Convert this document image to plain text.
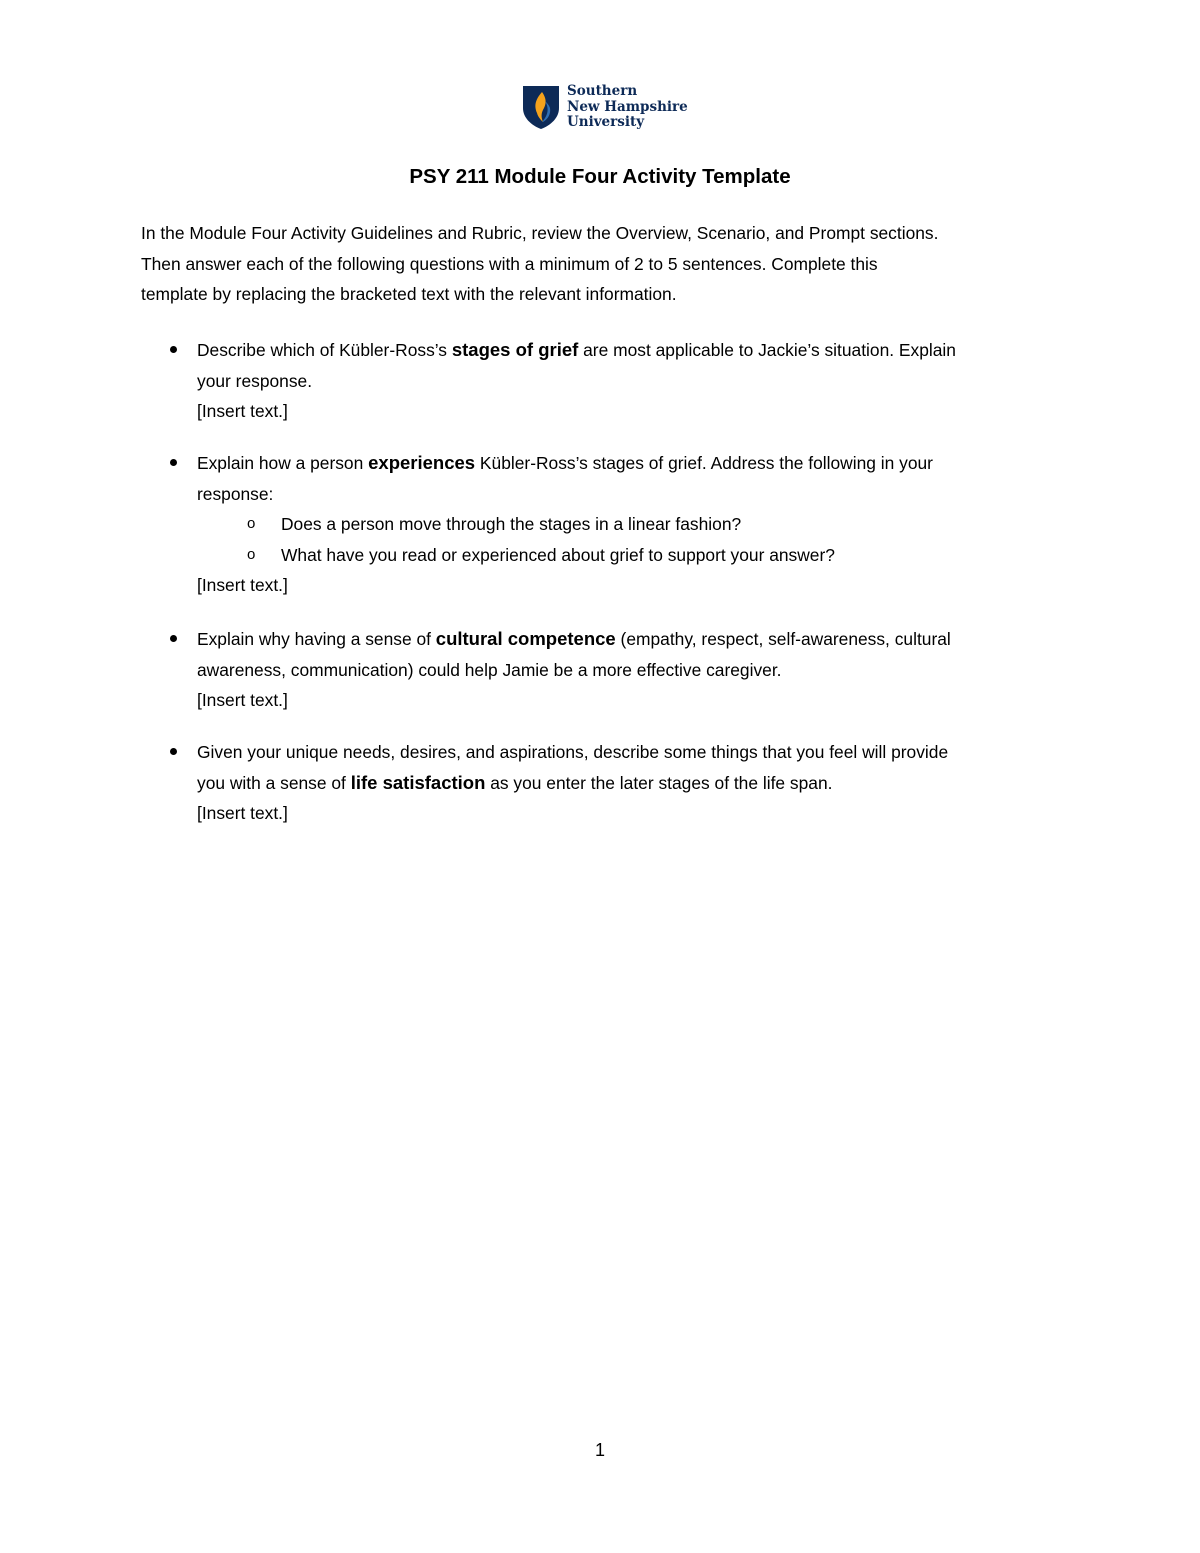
Southern
New Hampshire
University
PSY 211 Module Four Activity Template

In the Module Four Activity Guidelines and Rubric, review the Overview, Scenario, and Prompt sections.

Then answer each of the following questions with a minimum of 2 to 5 sentences. Complete this

template by replacing the bracketed text with the relevant information.

Describe which of Kübler-Ross’s stages of grief are most applicable to Jackie’s situation. Explain
your response.
[Insert text.]
Explain how a person experiences Kübler-Ross’s stages of grief. Address the following in your
response:
o Does a person move through the stages in a linear fashion?
o What have you read or experienced about grief to support your answer?
[Insert text.]
Explain why having a sense of cultural competence (empathy, respect, self-awareness, cultural
awareness, communication) could help Jamie be a more effective caregiver.
[Insert text.]
Given your unique needs, desires, and aspirations, describe some things that you feel will provide
you with a sense of life satisfaction as you enter the later stages of the life span.
[Insert text.]
1
